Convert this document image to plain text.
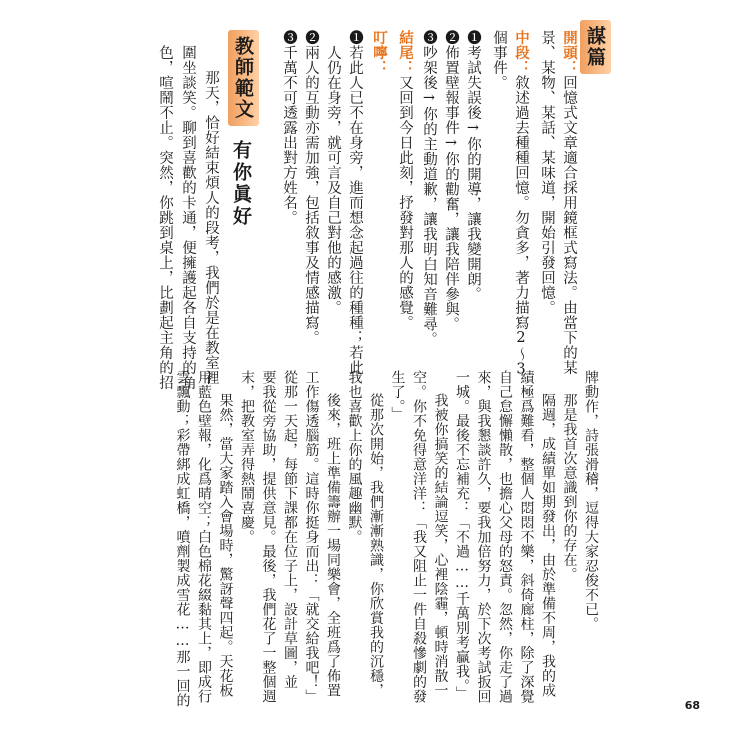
謀篇
開頭：回憶式文章適合採用鏡框式寫法。由當下的某
景、某物、某話、某味道，開始引發回憶。
中段：敘述過去種種回憶。勿貪多，著力描寫2～3
個事件。
❶考試失誤後→你的開導，讓我變開朗。
❷佈置壁報事件→你的勸奮，讓我陪伴參與。
❸吵架後→你的主動道歉，讓我明白知音難尋。
結尾：又回到今日此刻，抒發對那人的感覺。
叮嚀：
❶若此人已不在身旁，進而想念起過往的種種；若此
人仍在身旁，就可言及自己對他的感激。
❷兩人的互動亦需加強，包括敘事及情感描寫。
❸千萬不可透露出對方姓名。
教師範文
有你眞好
那天，恰好結束煩人的段考，我們於是在教室裡
圍坐談笑。聊到喜歡的卡通，便擁護起各自支持的角
色，喧鬧不止。突然，你跳到桌上，比劃起主角的招
牌動作，詩張滑稽，逗得大家忍俊不已。
那是我首次意識到你的存在。
隔週，成績單如期發出，由於準備不周，我的成
績極爲難看，整個人悶悶不樂，斜倚廊柱，除了深覺
自己怠懈懶散，也擔心父母的怒責。忽然，你走了過
來，與我懇談許久，要我加倍努力，於下次考試扳回
一城。最後不忘補充：「不過……千萬別考贏我。」
我被你搞笑的結論逗笑，心裡陰霾，頓時消散一
空。你不免得意洋洋：「我又阻止一件自殺慘劇的發
生了。」
從那次開始，我們漸漸熟識，你欣賞我的沉穩，
我也喜歡上你的風趣幽默。
後來，班上準備籌辦一場同樂會，全班爲了佈置
工作傷透腦筋。這時你挺身而出：「就交給我吧！」
從那一天起，每節下課都在位子上，設計草圖，並
要我從旁協助，提供意見。最後，我們花了一整個週
末，把教室弄得熱鬧喜慶。
果然，當大家踏入會場時，驚訝聲四起。天花板
用藍色壁報，化爲晴空；白色棉花綴黏其上，即成行
雲飄動；彩帶綁成虹橋，噴劑製成雪花……那一回的	68
